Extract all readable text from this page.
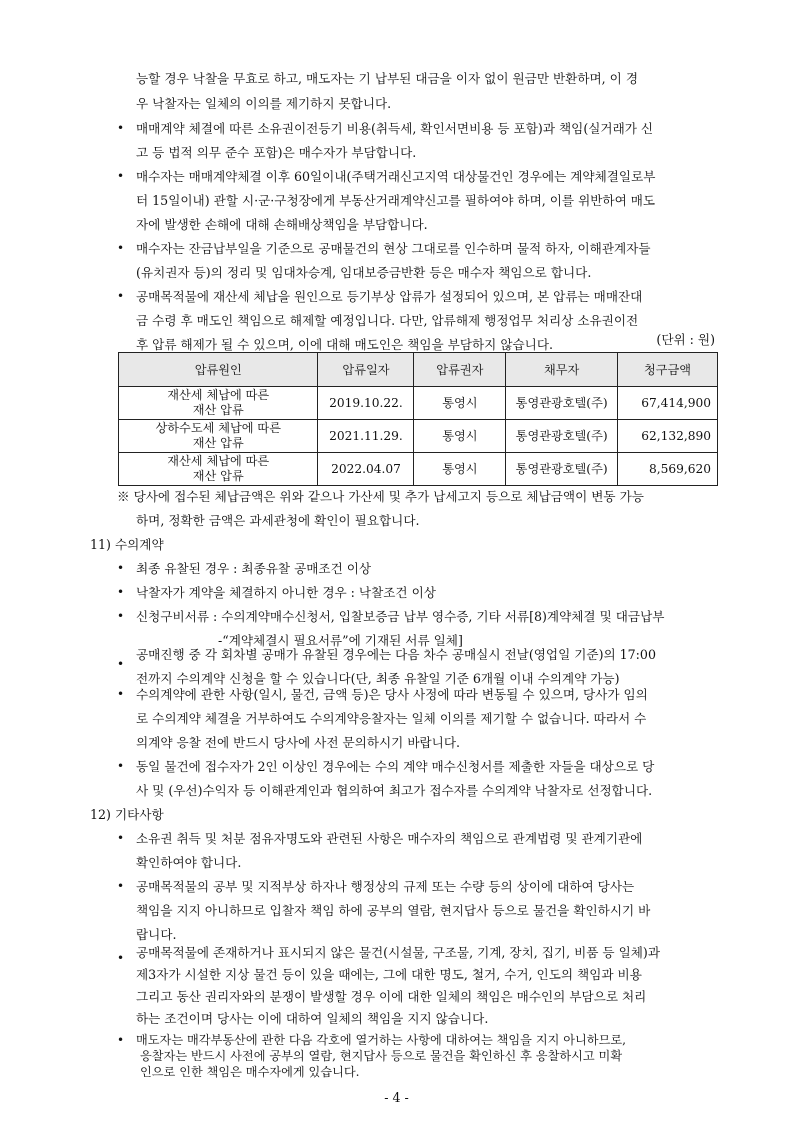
능할 경우 낙찰을 무효로 하고, 매도자는 기 납부된 대금을 이자 없이 원금만 반환하며, 이 경

우 낙찰자는 일체의 이의를 제기하지 못합니다.

• 매매계약 체결에 따른 소유권이전등기 비용(취득세, 확인서면비용 등 포함)과 책임(실거래가 신

고 등 법적 의무 준수 포함)은 매수자가 부담합니다.

• 매수자는 매매계약체결 이후 60일이내(주택거래신고지역 대상물건인 경우에는 계약체결일로부

터 15일이내) 관할 시·군·구청장에게 부동산거래계약신고를 필하여야 하며, 이를 위반하여 매도

자에 발생한 손해에 대해 손해배상책임을 부담합니다.

• 매수자는 잔금납부일을 기준으로 공매물건의 현상 그대로를 인수하며 물적 하자, 이해관계자들

(유치권자 등)의 정리 및 임대차승계, 임대보증금반환 등은 매수자 책임으로 합니다.

• 공매목적물에 재산세 체납을 원인으로 등기부상 압류가 설정되어 있으며, 본 압류는 매매잔대

금 수령 후 매도인 책임으로 해제할 예정입니다. 다만, 압류해제 행정업무 처리상 소유권이전

후 압류 해제가 될 수 있으며, 이에 대해 매도인은 책임을 부담하지 않습니다.	(단위 : 원)
압류원인	압류일자	압류권자	채무자	청구금액
재산세 체납에 따른
재산 압류	2019.10.22.	통영시	통영관광호텔(주)	67,414,900
상하수도세 체납에 따른
재산 압류	2021.11.29.	통영시	통영관광호텔(주)	62,132,890
재산세 체납에 따른
재산 압류	2022.04.07	통영시	통영관광호텔(주)	8,569,620

※ 당사에 접수된 체납금액은 위와 같으나 가산세 및 추가 납세고지 등으로 체납금액이 변동 가능

하며, 정확한 금액은 과세관청에 확인이 필요합니다.

11) 수의계약
• 최종 유찰된 경우 : 최종유찰 공매조건 이상

• 낙찰자가 계약을 체결하지 아니한 경우 : 낙찰조건 이상

• 신청구비서류 : 수의계약매수신청서, 입찰보증금 납부 영수증, 기타 서류[8)계약체결 및 대금납부

-“계약체결시 필요서류”에 기재된 서류 일체]

•

공매진행 중 각 회차별 공매가 유찰된 경우에는 다음 차수 공매실시 전날(영업일 기준)의 17:00

전까지 수의계약 신청을 할 수 있습니다(단, 최종 유찰일 기준 6개월 이내 수의계약 가능)

• 수의계약에 관한 사항(일시, 물건, 금액 등)은 당사 사정에 따라 변동될 수 있으며, 당사가 임의

로 수의계약 체결을 거부하여도 수의계약응찰자는 일체 이의를 제기할 수 없습니다. 따라서 수

의계약 응찰 전에 반드시 당사에 사전 문의하시기 바랍니다.

• 동일 물건에 접수자가 2인 이상인 경우에는 수의 계약 매수신청서를 제출한 자들을 대상으로 당

사 및 (우선)수익자 등 이해관계인과 협의하여 최고가 접수자를 수의계약 낙찰자로 선정합니다.

12) 기타사항
• 소유권 취득 및 처분 점유자명도와 관련된 사항은 매수자의 책임으로 관계법령 및 관계기관에

확인하여야 합니다.

• 공매목적물의 공부 및 지적부상 하자나 행정상의 규제 또는 수량 등의 상이에 대하여 당사는

책임을 지지 아니하므로 입찰자 책임 하에 공부의 열람, 현지답사 등으로 물건을 확인하시기 바

랍니다.

• 공매목적물에 존재하거나 표시되지 않은 물건(시설물, 구조물, 기계, 장치, 집기, 비품 등 일체)과

제3자가 시설한 지상 물건 등이 있을 때에는, 그에 대한 명도, 철거, 수거, 인도의 책임과 비용

그리고 동산 권리자와의 분쟁이 발생할 경우 이에 대한 일체의 책임은 매수인의 부담으로 처리

하는 조건이며 당사는 이에 대하여 일체의 책임을 지지 않습니다.

• 매도자는 매각부동산에 관한 다음 각호에 열거하는 사항에 대하여는 책임을 지지 아니하므로,

- 4 -

응찰자는 반드시 사전에 공부의 열람, 현지답사 등으로 물건을 확인하신 후 응찰하시고 미확

인으로 인한 책임은 매수자에게 있습니다.
